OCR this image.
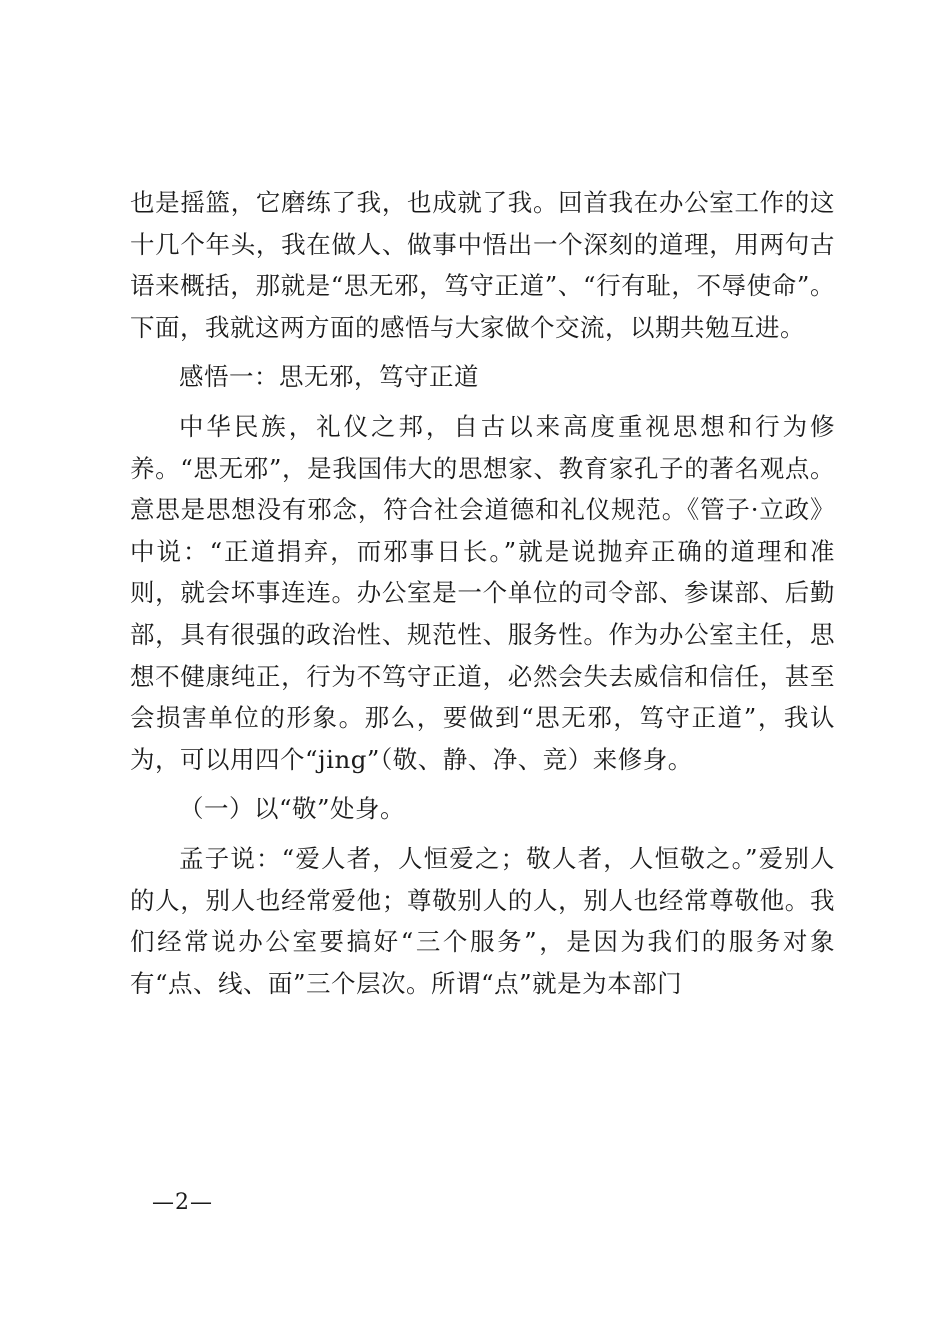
也是摇篮，它磨练了我，也成就了我。回首我在办公室工作的这十几个年头，我在做人、做事中悟出一个深刻的道理，用两句古语来概括，那就是“思无邪，笃守正道”、“行有耻，不辱使命”。下面，我就这两方面的感悟与大家做个交流，以期共勉互进。

感悟一：思无邪，笃守正道

中华民族，礼仪之邦，自古以来高度重视思想和行为修养。“思无邪”，是我国伟大的思想家、教育家孔子的著名观点。意思是思想没有邪念，符合社会道德和礼仪规范。《管子·立政》中说：“正道捐弃，而邪事日长。”就是说抛弃正确的道理和准则，就会坏事连连。办公室是一个单位的司令部、参谋部、后勤部，具有很强的政治性、规范性、服务性。作为办公室主任，思想不健康纯正，行为不笃守正道，必然会失去威信和信任，甚至会损害单位的形象。那么，要做到“思无邪，笃守正道”，我认为，可以用四个“jing”（敬、静、净、竞）来修身。

（一）以“敬”处身。

孟子说：“爱人者，人恒爱之；敬人者，人恒敬之。”爱别人的人，别人也经常爱他；尊敬别人的人，别人也经常尊敬他。我们经常说办公室要搞好“三个服务”，是因为我们的服务对象有“点、线、面”三个层次。所谓“点”就是为本部门

—2—
